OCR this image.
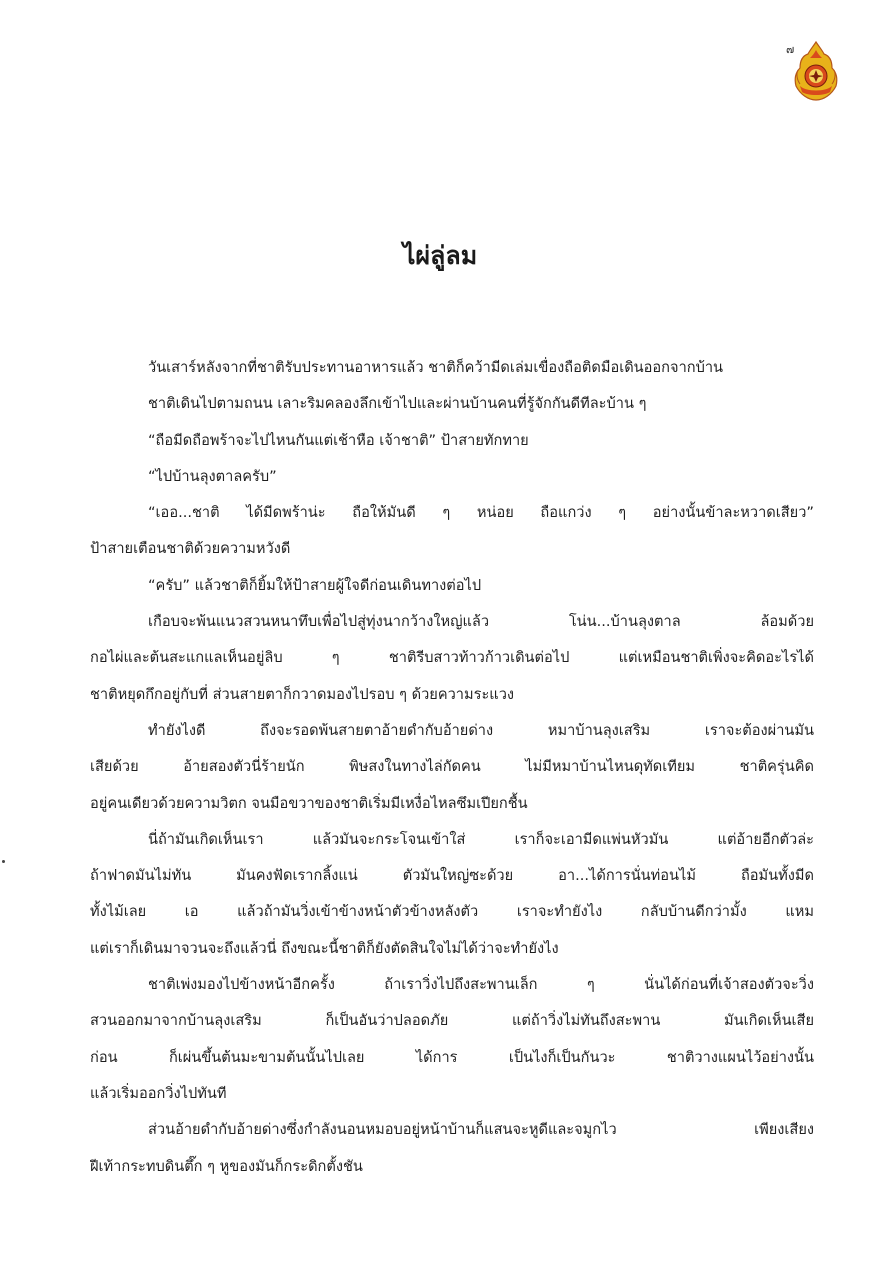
๗
ไผ่ลู่ลม
วันเสาร์หลังจากที่ชาติรับประทานอาหารแล้ว ชาติก็คว้ามีดเล่มเขื่องถือติดมือเดินออกจากบ้าน
ชาติเดินไปตามถนน เลาะริมคลองลึกเข้าไปและผ่านบ้านคนที่รู้จักกันดีทีละบ้าน ๆ
“ถือมีดถือพร้าจะไปไหนกันแต่เช้าหือ เจ้าชาติ” ป้าสายทักทาย
“ไปบ้านลุงตาลครับ”
“เออ...ชาติ ได้มีดพร้าน่ะ ถือให้มันดี ๆ หน่อย ถือแกว่ง ๆ อย่างนั้นข้าละหวาดเสียว”
ป้าสายเตือนชาติด้วยความหวังดี
“ครับ” แล้วชาติก็ยิ้มให้ป้าสายผู้ใจดีก่อนเดินทางต่อไป
เกือบจะพ้นแนวสวนหนาทึบเพื่อไปสู่ทุ่งนากว้างใหญ่แล้ว โน่น...บ้านลุงตาล ล้อมด้วย
กอไผ่และต้นสะแกแลเห็นอยู่ลิบ ๆ ชาติรีบสาวท้าวก้าวเดินต่อไป แต่เหมือนชาติเพิ่งจะคิดอะไรได้
ชาติหยุดกึกอยู่กับที่ ส่วนสายตาก็กวาดมองไปรอบ ๆ ด้วยความระแวง
ทำยังไงดี ถึงจะรอดพ้นสายตาอ้ายดำกับอ้ายด่าง หมาบ้านลุงเสริม เราจะต้องผ่านมัน
เสียด้วย อ้ายสองตัวนี่ร้ายนัก พิษสงในทางไล่กัดคน ไม่มีหมาบ้านไหนดุทัดเทียม ชาติครุ่นคิด
อยู่คนเดียวด้วยความวิตก จนมือขวาของชาติเริ่มมีเหงื่อไหลซึมเปียกชื้น
นี่ถ้ามันเกิดเห็นเรา แล้วมันจะกระโจนเข้าใส่ เราก็จะเอามีดแพ่นหัวมัน แต่อ้ายอีกตัวล่ะ
ถ้าฟาดมันไม่ทัน มันคงฟัดเรากลิ้งแน่ ตัวมันใหญ่ซะด้วย อา...ได้การนั่นท่อนไม้ ถือมันทั้งมีด
ทั้งไม้เลย เอ แล้วถ้ามันวิ่งเข้าข้างหน้าตัวข้างหลังตัว เราจะทำยังไง กลับบ้านดีกว่ามั้ง แหม
แต่เราก็เดินมาจวนจะถึงแล้วนี่ ถึงขณะนี้ชาติก็ยังตัดสินใจไม่ได้ว่าจะทำยังไง
ชาติเพ่งมองไปข้างหน้าอีกครั้ง ถ้าเราวิ่งไปถึงสะพานเล็ก ๆ นั่นได้ก่อนที่เจ้าสองตัวจะวิ่ง
สวนออกมาจากบ้านลุงเสริม ก็เป็นอันว่าปลอดภัย แต่ถ้าวิ่งไม่ทันถึงสะพาน มันเกิดเห็นเสีย
ก่อน ก็เผ่นขึ้นต้นมะขามต้นนั้นไปเลย ได้การ เป็นไงก็เป็นกันวะ ชาติวางแผนไว้อย่างนั้น
แล้วเริ่มออกวิ่งไปทันที
ส่วนอ้ายดำกับอ้ายด่างซึ่งกำลังนอนหมอบอยู่หน้าบ้านก็แสนจะหูดีและจมูกไว เพียงเสียง
ฝีเท้ากระทบดินตึ๊ก ๆ หูของมันก็กระดิกตั้งชัน
